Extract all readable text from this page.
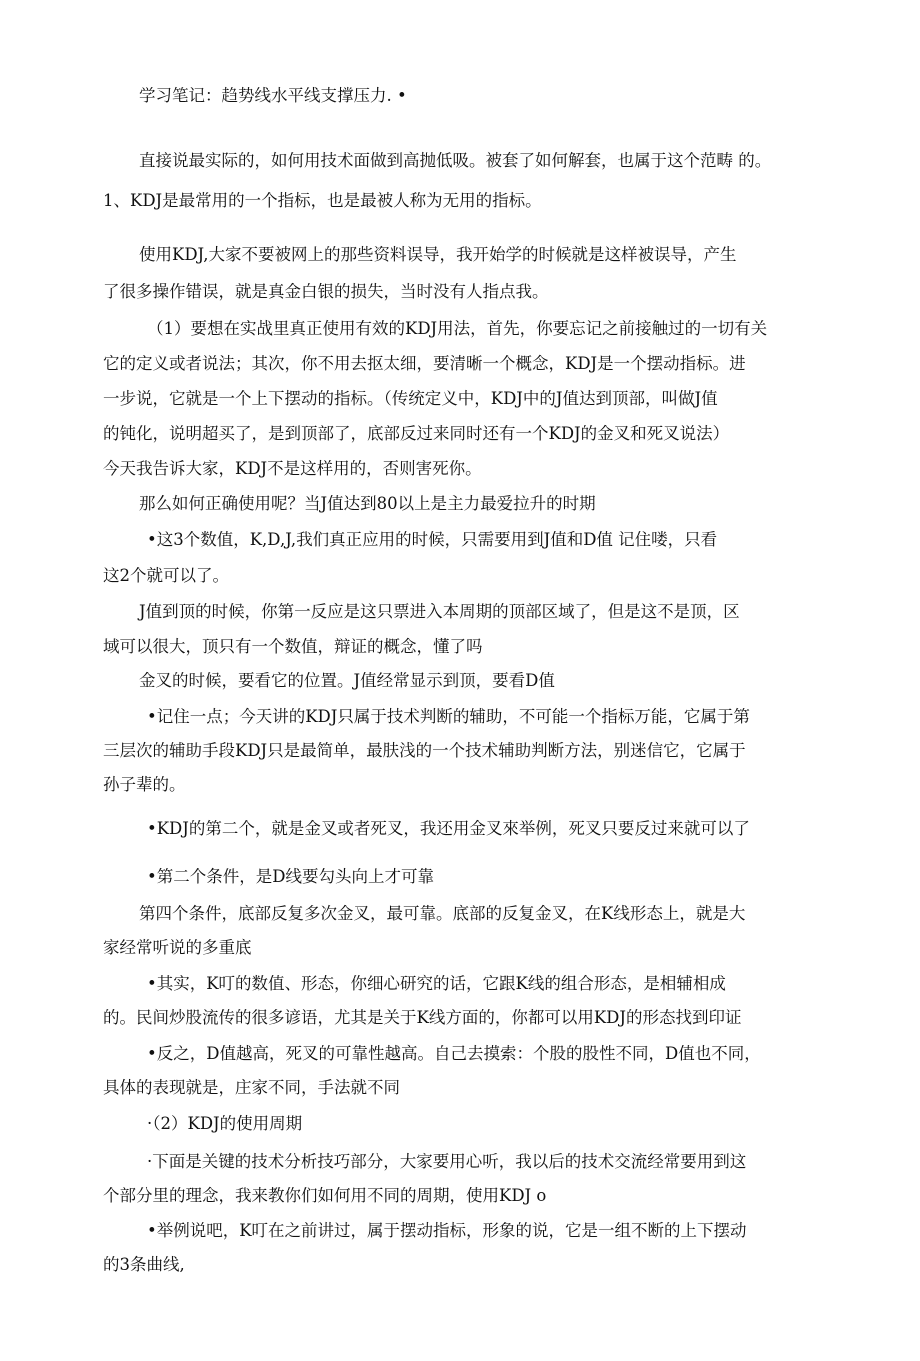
学习笔记：趋势线水平线支撑压力. •
直接说最实际的，如何用技术面做到高抛低吸。被套了如何解套，也属于这个范畴 的。
1、KDJ是最常用的一个指标，也是最被人称为无用的指标。
使用KDJ,大家不要被网上的那些资料误导，我开始学的时候就是这样被误导，产生
了很多操作错误，就是真金白银的损失，当时没有人指点我。
（1）要想在实战里真正使用有效的KDJ用法，首先，你要忘记之前接触过的一切有关
它的定义或者说法；其次，你不用去抠太细，要清晰一个概念，KDJ是一个摆动指标。进
一步说，它就是一个上下摆动的指标。（传统定义中，KDJ中的J值达到顶部，叫做J值
的钝化，说明超买了，是到顶部了，底部反过来同时还有一个KDJ的金叉和死叉说法）
今天我告诉大家，KDJ不是这样用的，否则害死你。
那么如何正确使用呢？当J值达到80以上是主力最爱拉升的时期
•这3个数值，K,D,J,我们真正应用的时候，只需要用到J值和D值 记住喽，只看
这2个就可以了。
J值到顶的时候，你第一反应是这只票进入本周期的顶部区域了，但是这不是顶，区
域可以很大，顶只有一个数值，辩证的概念，懂了吗
金叉的时候，要看它的位置。J值经常显示到顶，要看D值
•记住一点；今天讲的KDJ只属于技术判断的辅助，不可能一个指标万能，它属于第
三层次的辅助手段KDJ只是最简单，最肤浅的一个技术辅助判断方法，别迷信它，它属于
孙子辈的。
•KDJ的第二个，就是金叉或者死叉，我还用金叉來举例，死叉只要反过来就可以了
•第二个条件，是D线要勾头向上才可靠
第四个条件，底部反复多次金叉，最可靠。底部的反复金叉，在K线形态上，就是大
家经常听说的多重底
•其实，K叮的数值、形态，你细心研究的话，它跟K线的组合形态，是相辅相成
的。民间炒股流传的很多谚语，尤其是关于K线方面的，你都可以用KDJ的形态找到印证
•反之，D值越高，死叉的可靠性越高。自己去摸索：个股的股性不同，D值也不同，
具体的表现就是，庄家不同，手法就不同
·（2）KDJ的使用周期
·下面是关键的技术分析技巧部分，大家要用心听，我以后的技术交流经常要用到这
个部分里的理念，我来教你们如何用不同的周期，使用KDJ o
•举例说吧，K叮在之前讲过，属于摆动指标，形象的说，它是一组不断的上下摆动
的3条曲线,
